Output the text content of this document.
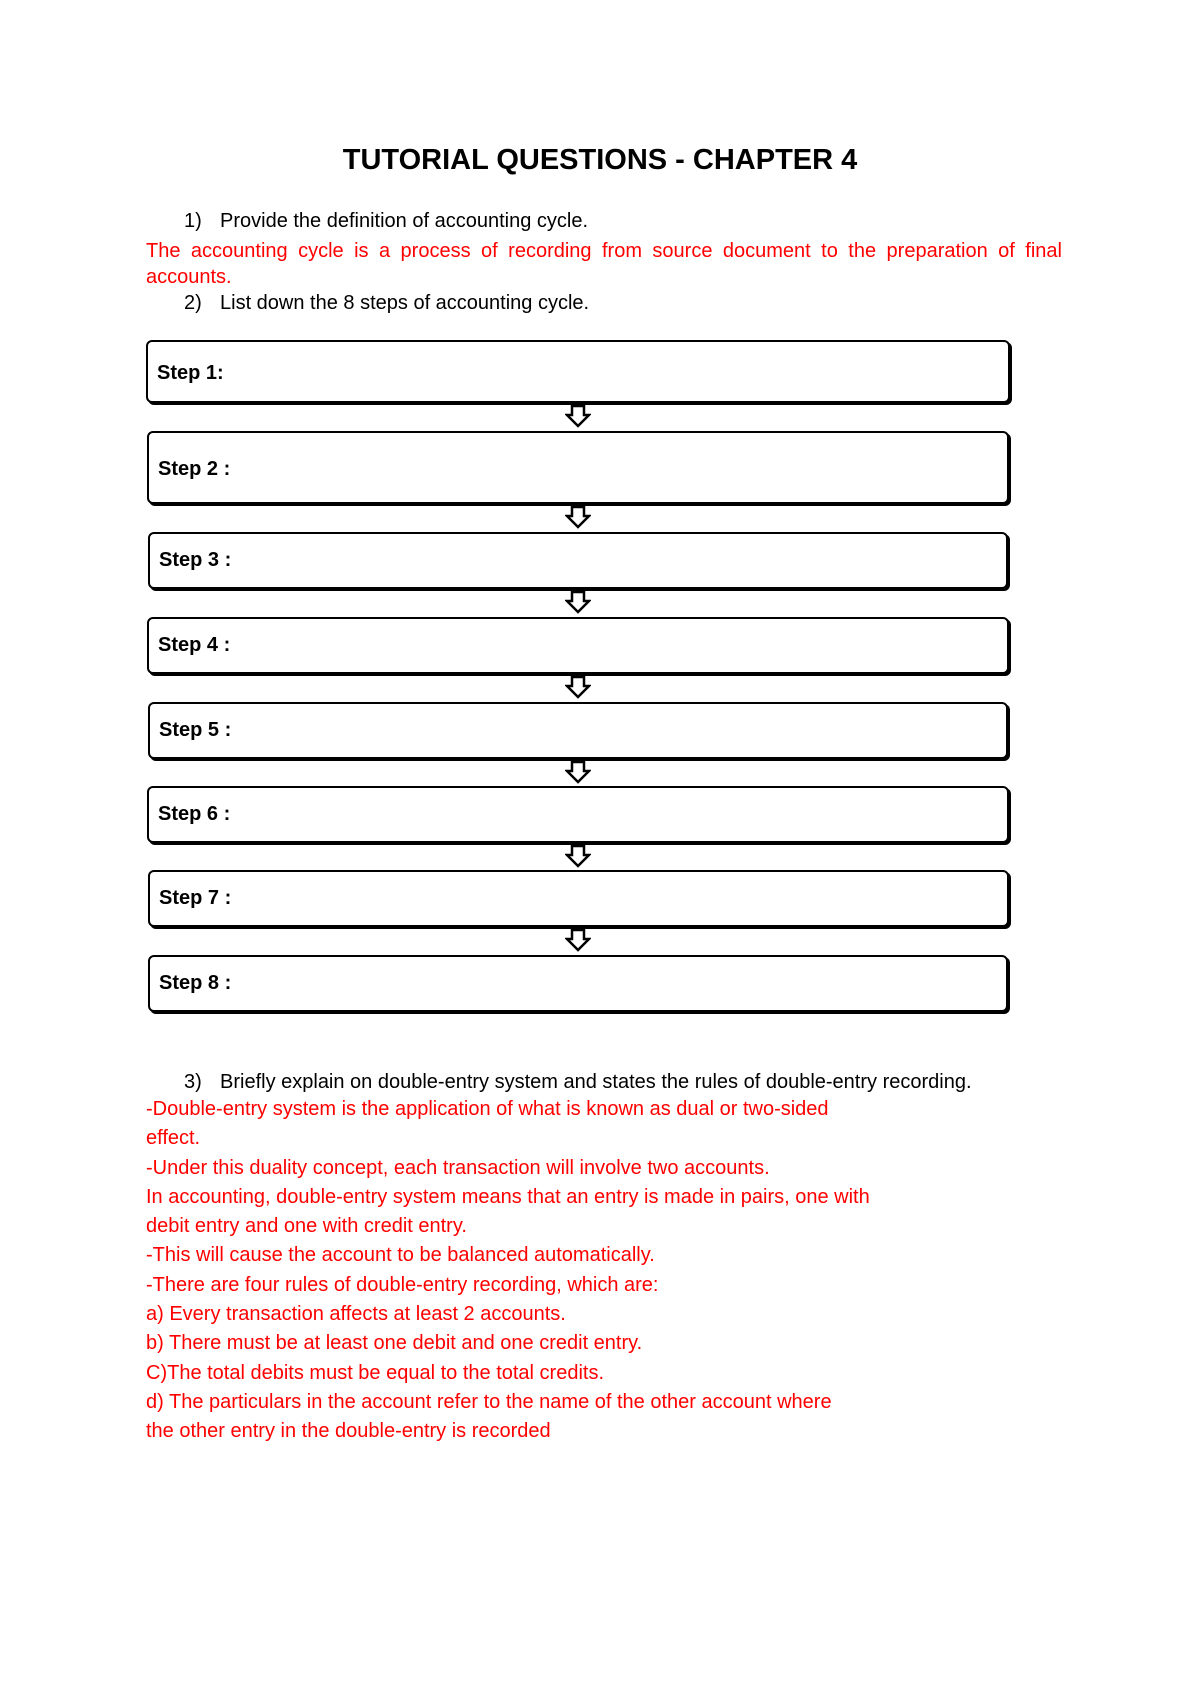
TUTORIAL QUESTIONS - CHAPTER 4
1) Provide the definition of accounting cycle.
The accounting cycle is a process of recording from source document to the preparation of final accounts.
2) List down the 8 steps of accounting cycle.
Step 1:
Step 2 :
Step 3 :
Step 4 :
Step 5 :
Step 6 :
Step 7 :
Step 8 :
3) Briefly explain on double-entry system and states the rules of double-entry recording.
-Double-entry system is the application of what is known as dual or two-sided
effect.
-Under this duality concept, each transaction will involve two accounts.
In accounting, double-entry system means that an entry is made in pairs, one with
debit entry and one with credit entry.
-This will cause the account to be balanced automatically.
-There are four rules of double-entry recording, which are:
a) Every transaction affects at least 2 accounts.
b) There must be at least one debit and one credit entry.
C)The total debits must be equal to the total credits.
d) The particulars in the account refer to the name of the other account where
the other entry in the double-entry is recorded
